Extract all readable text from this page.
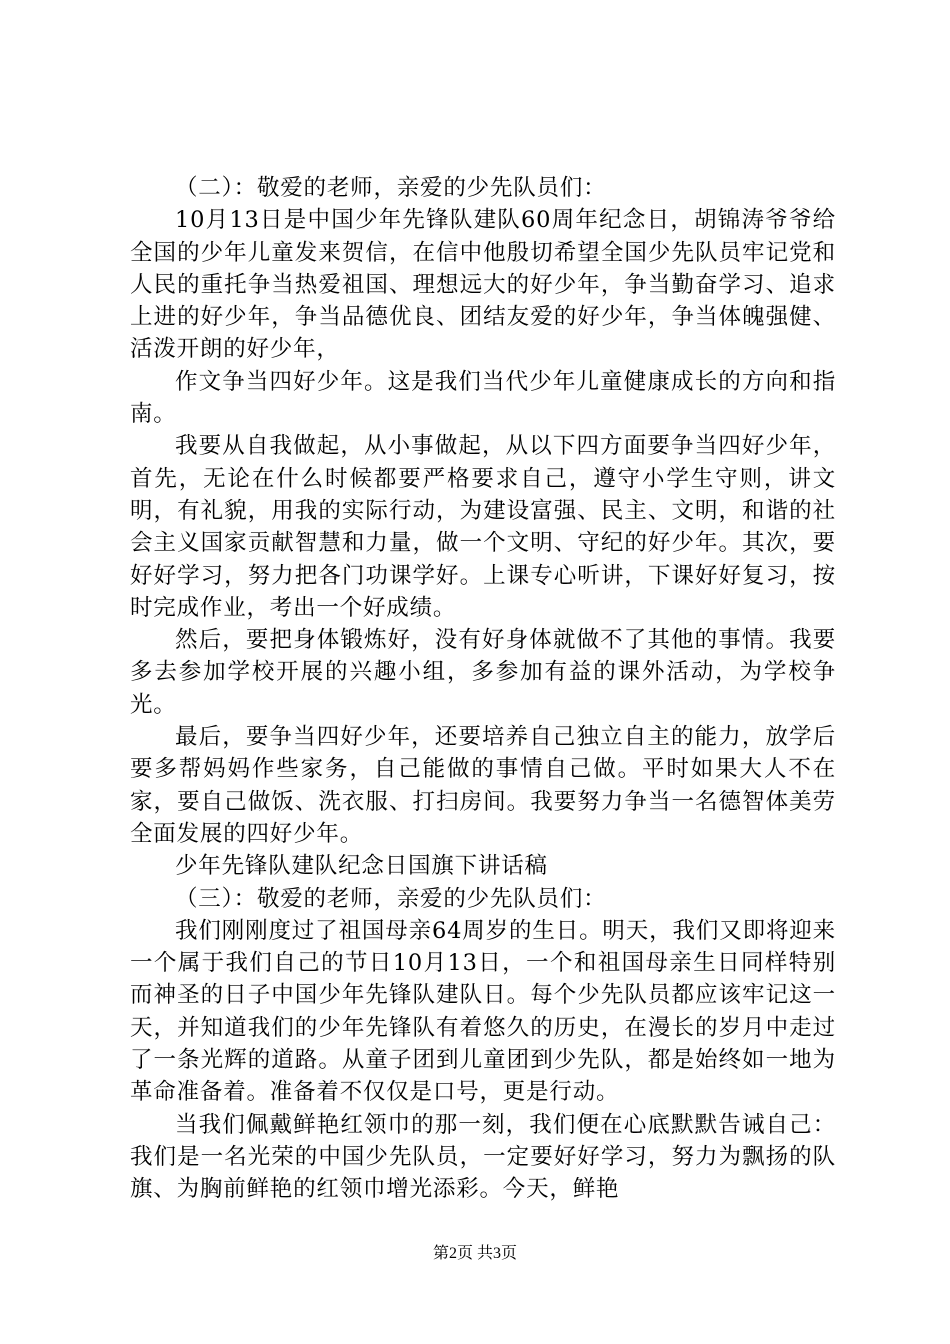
（二）：敬爱的老师，亲爱的少先队员们：

10月13日是中国少年先锋队建队60周年纪念日，胡锦涛爷爷给全国的少年儿童发来贺信，在信中他殷切希望全国少先队员牢记党和人民的重托争当热爱祖国、理想远大的好少年，争当勤奋学习、追求上进的好少年，争当品德优良、团结友爱的好少年，争当体魄强健、活泼开朗的好少年，

作文争当四好少年。这是我们当代少年儿童健康成长的方向和指南。

我要从自我做起，从小事做起，从以下四方面要争当四好少年，首先，无论在什么时候都要严格要求自己，遵守小学生守则，讲文明，有礼貌，用我的实际行动，为建设富强、民主、文明，和谐的社会主义国家贡献智慧和力量，做一个文明、守纪的好少年。其次，要好好学习，努力把各门功课学好。上课专心听讲，下课好好复习，按时完成作业，考出一个好成绩。

然后，要把身体锻炼好，没有好身体就做不了其他的事情。我要多去参加学校开展的兴趣小组，多参加有益的课外活动，为学校争光。

最后，要争当四好少年，还要培养自己独立自主的能力，放学后要多帮妈妈作些家务，自己能做的事情自己做。平时如果大人不在家，要自己做饭、洗衣服、打扫房间。我要努力争当一名德智体美劳全面发展的四好少年。

少年先锋队建队纪念日国旗下讲话稿

（三）：敬爱的老师，亲爱的少先队员们：

我们刚刚度过了祖国母亲64周岁的生日。明天，我们又即将迎来一个属于我们自己的节日10月13日，一个和祖国母亲生日同样特别而神圣的日子中国少年先锋队建队日。每个少先队员都应该牢记这一天，并知道我们的少年先锋队有着悠久的历史，在漫长的岁月中走过了一条光辉的道路。从童子团到儿童团到少先队，都是始终如一地为革命准备着。准备着不仅仅是口号，更是行动。

当我们佩戴鲜艳红领巾的那一刻，我们便在心底默默告诫自己：我们是一名光荣的中国少先队员，一定要好好学习，努力为飘扬的队旗、为胸前鲜艳的红领巾增光添彩。今天，鲜艳

第2页 共3页
